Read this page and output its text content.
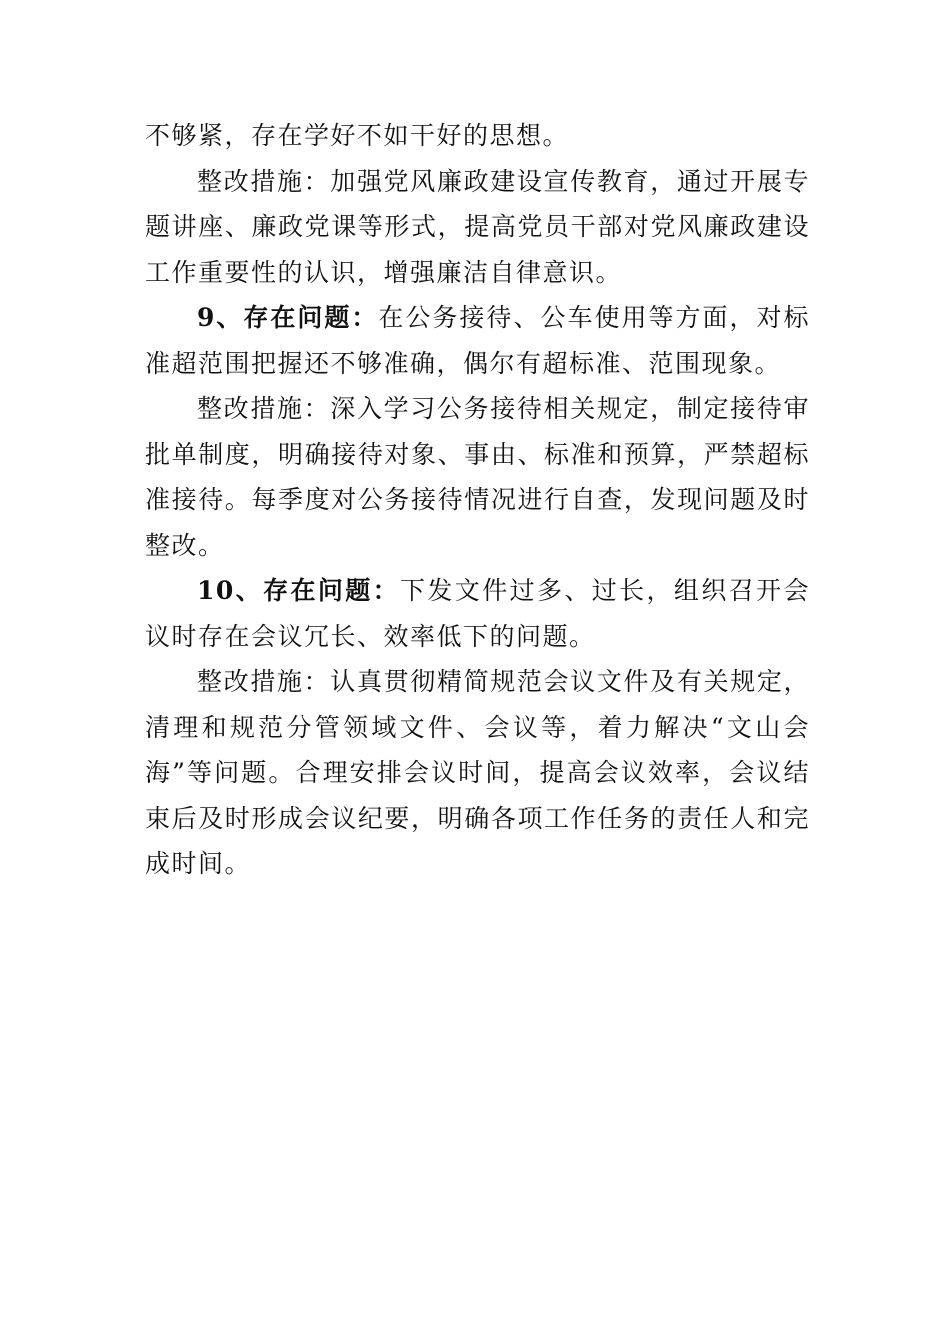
不够紧，存在学好不如干好的思想。

整改措施：加强党风廉政建设宣传教育，通过开展专题讲座、廉政党课等形式，提高党员干部对党风廉政建设工作重要性的认识，增强廉洁自律意识。

9、存在问题：在公务接待、公车使用等方面，对标准超范围把握还不够准确，偶尔有超标准、范围现象。

整改措施：深入学习公务接待相关规定，制定接待审批单制度，明确接待对象、事由、标准和预算，严禁超标准接待。每季度对公务接待情况进行自查，发现问题及时整改。

10、存在问题：下发文件过多、过长，组织召开会议时存在会议冗长、效率低下的问题。

整改措施：认真贯彻精简规范会议文件及有关规定，清理和规范分管领域文件、会议等，着力解决“文山会海”等问题。合理安排会议时间，提高会议效率，会议结束后及时形成会议纪要，明确各项工作任务的责任人和完成时间。
